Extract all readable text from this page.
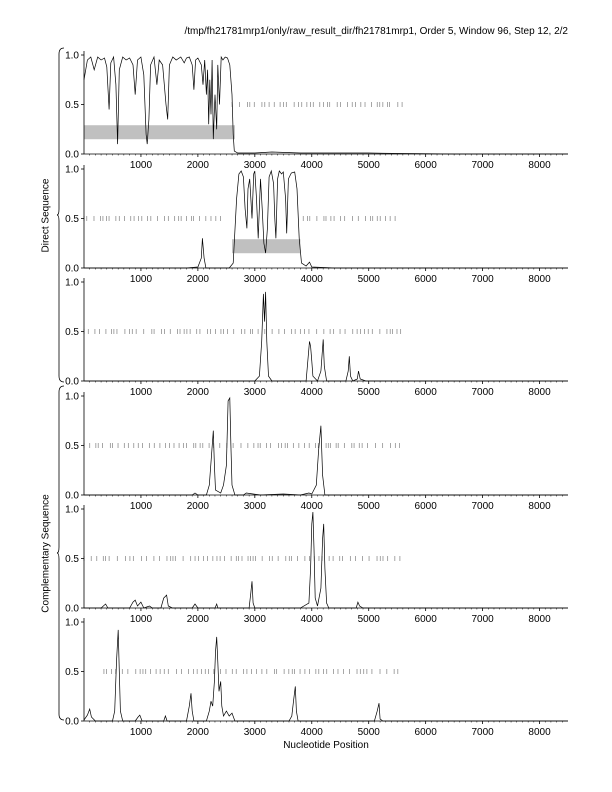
/tmp/fh21781mrp1/only/raw_result_dir/fh21781mrp1, Order 5, Window 96, Step 12, 2/2
Direct Sequence
Complementary Sequence
0.0
0.5
1.0
1000	2000	3000	4000	5000	6000	7000	8000
0.0
0.5
1.0
1000	2000	3000	4000	5000	6000	7000	8000
0.0
0.5
1.0
1000	2000	3000	4000	5000	6000	7000	8000
0.0
0.5
1.0
1000	2000	3000	4000	5000	6000	7000	8000
0.0
0.5
1.0
1000	2000	3000	4000	5000	6000	7000	8000
0.0
0.5
1.0
1000	2000	3000	4000	5000	6000	7000	8000
Nucleotide Position
